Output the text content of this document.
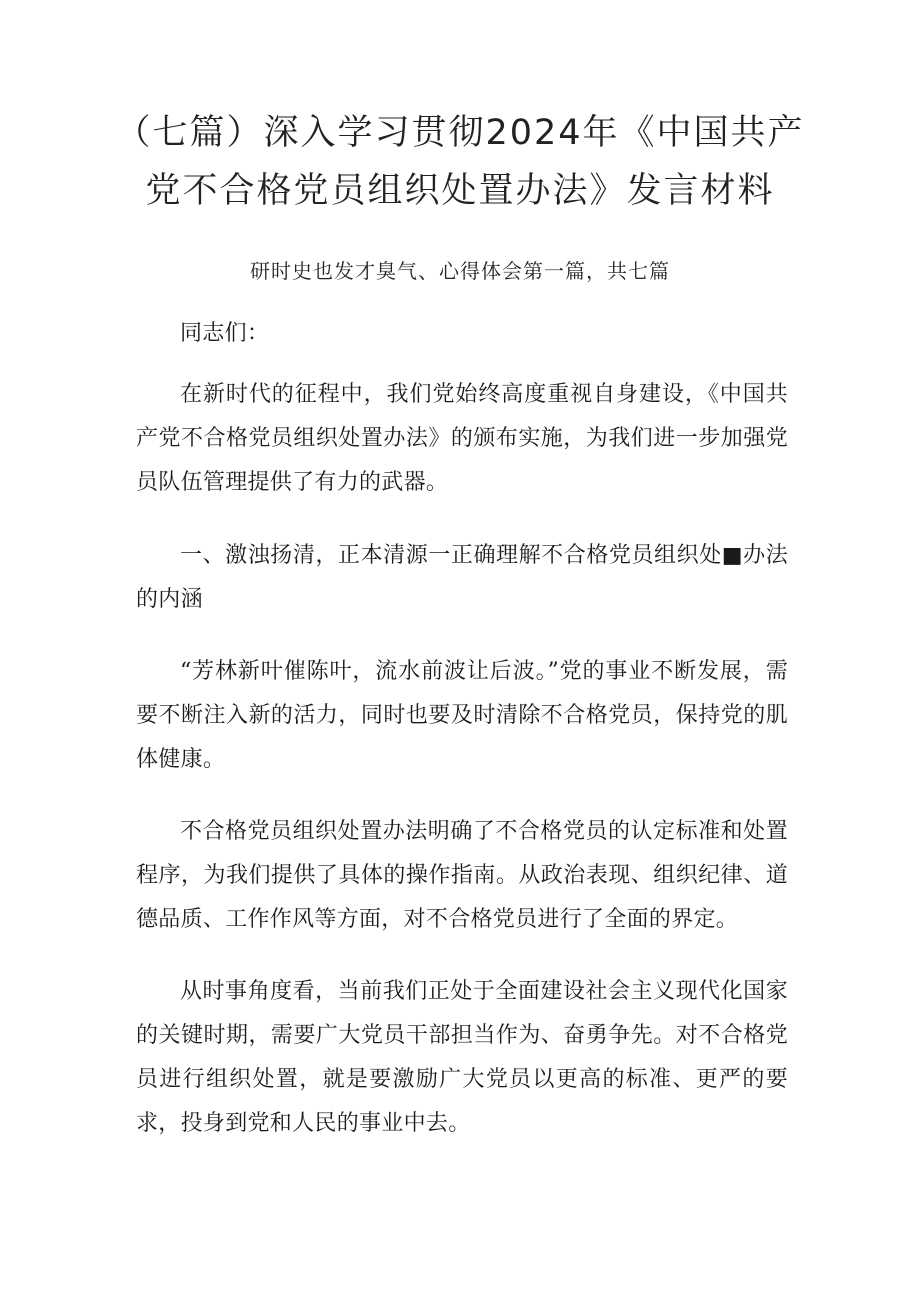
（七篇）深入学习贯彻2024年《中国共产
党不合格党员组织处置办法》发言材料

研时史也发才臭气、心得体会第一篇，共七篇

同志们：

在新时代的征程中，我们党始终高度重视自身建设，《中国共产党不合格党员组织处置办法》的颁布实施，为我们进一步加强党员队伍管理提供了有力的武器。

一、激浊扬清，正本清源一正确理解不合格党员组织处■办法的内涵

“芳林新叶催陈叶，流水前波让后波。”党的事业不断发展，需要不断注入新的活力，同时也要及时清除不合格党员，保持党的肌体健康。

不合格党员组织处置办法明确了不合格党员的认定标准和处置程序，为我们提供了具体的操作指南。从政治表现、组织纪律、道德品质、工作作风等方面，对不合格党员进行了全面的界定。

从时事角度看，当前我们正处于全面建设社会主义现代化国家的关键时期，需要广大党员干部担当作为、奋勇争先。对不合格党员进行组织处置，就是要激励广大党员以更高的标准、更严的要求，投身到党和人民的事业中去。
